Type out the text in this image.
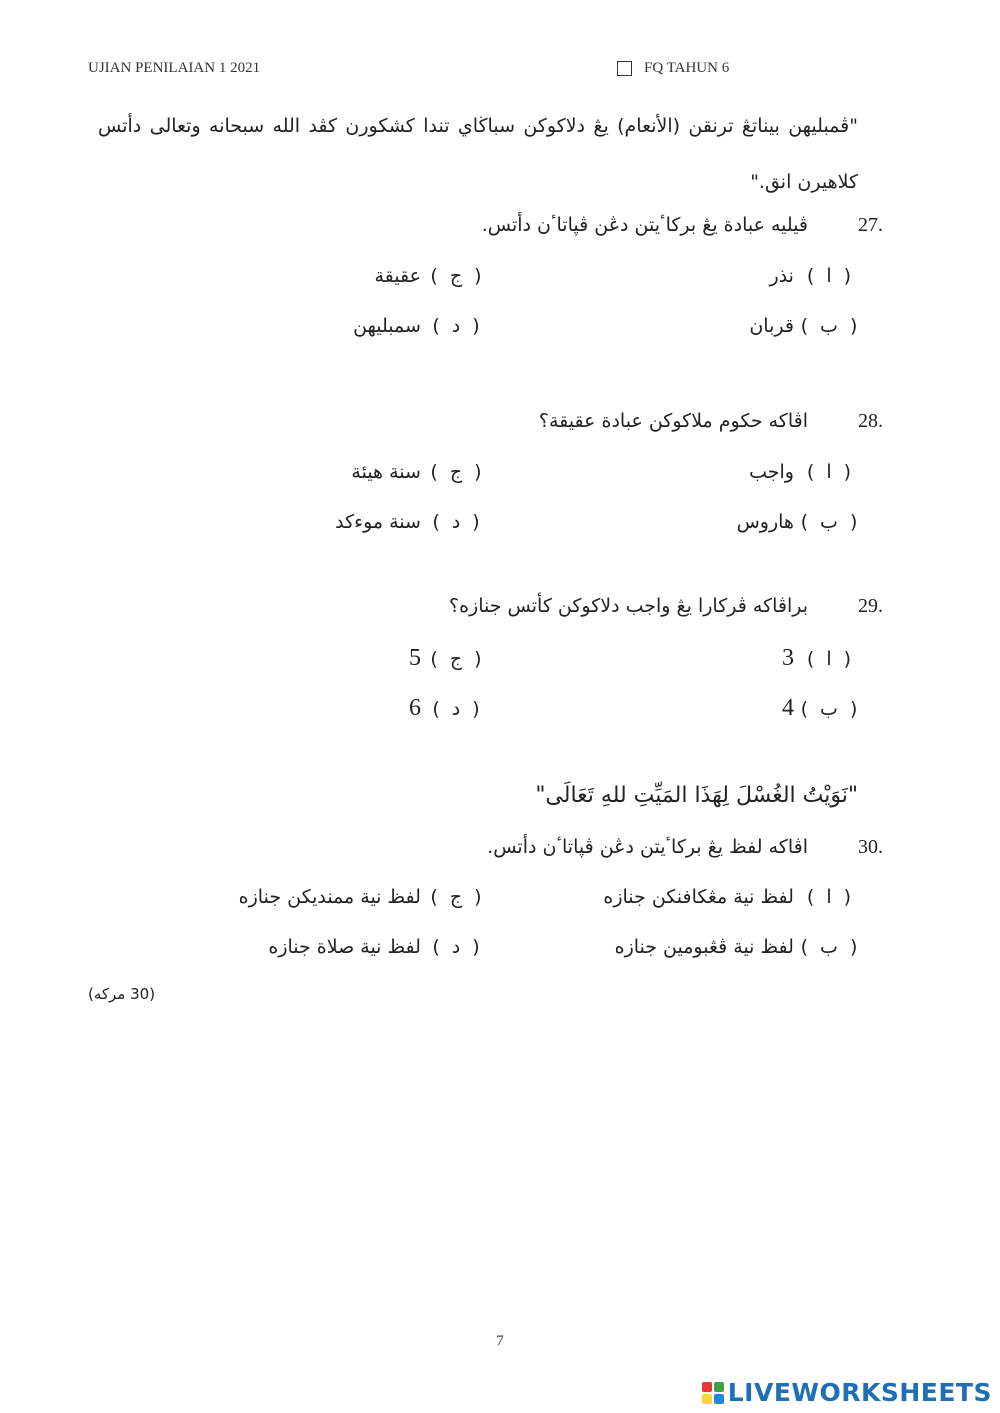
UJIAN PENILAIAN 1 2021	FQ TAHUN 6
"ڤمبليهن بيناتڠ ترنقن (الأنعام) يڠ دلاكوكن سباڬاي تندا كشكورن كڤد الله سبحانه وتعالى دأتس كلاهيرن انق."
27.
ڤيليه عبادة يڠ بركاٴيتن دڠن ڤپاتاٴن دأتس.
( ا ) نذر
( ب ) قربان
( ج ) عقيقة
( د ) سمبليهن
28.
اڤاكه حكوم ملاكوكن عبادة عقيقة؟
( ا ) واجب
( ب ) هاروس
( ج ) سنة هيئة
( د ) سنة موءكد
29.
براڤاكه ڤركارا يڠ واجب دلاكوكن كأتس جنازه؟
( ا ) 3
( ب ) 4
( ج ) 5
( د ) 6
"نَوَيْتُ الغُسْلَ لِهَذَا المَيِّتِ للهِ تَعَالَى"
30.
اڤاكه لفظ يڠ بركاٴيتن دڠن ڤپاتاٴن دأتس.
( ا ) لفظ نية مڠكافنكن جنازه
( ب ) لفظ نية ڤڠبومين جنازه
( ج ) لفظ نية ممنديكن جنازه
( د ) لفظ نية صلاة جنازه
(30 مركه)
7
LIVEWORKSHEETS
